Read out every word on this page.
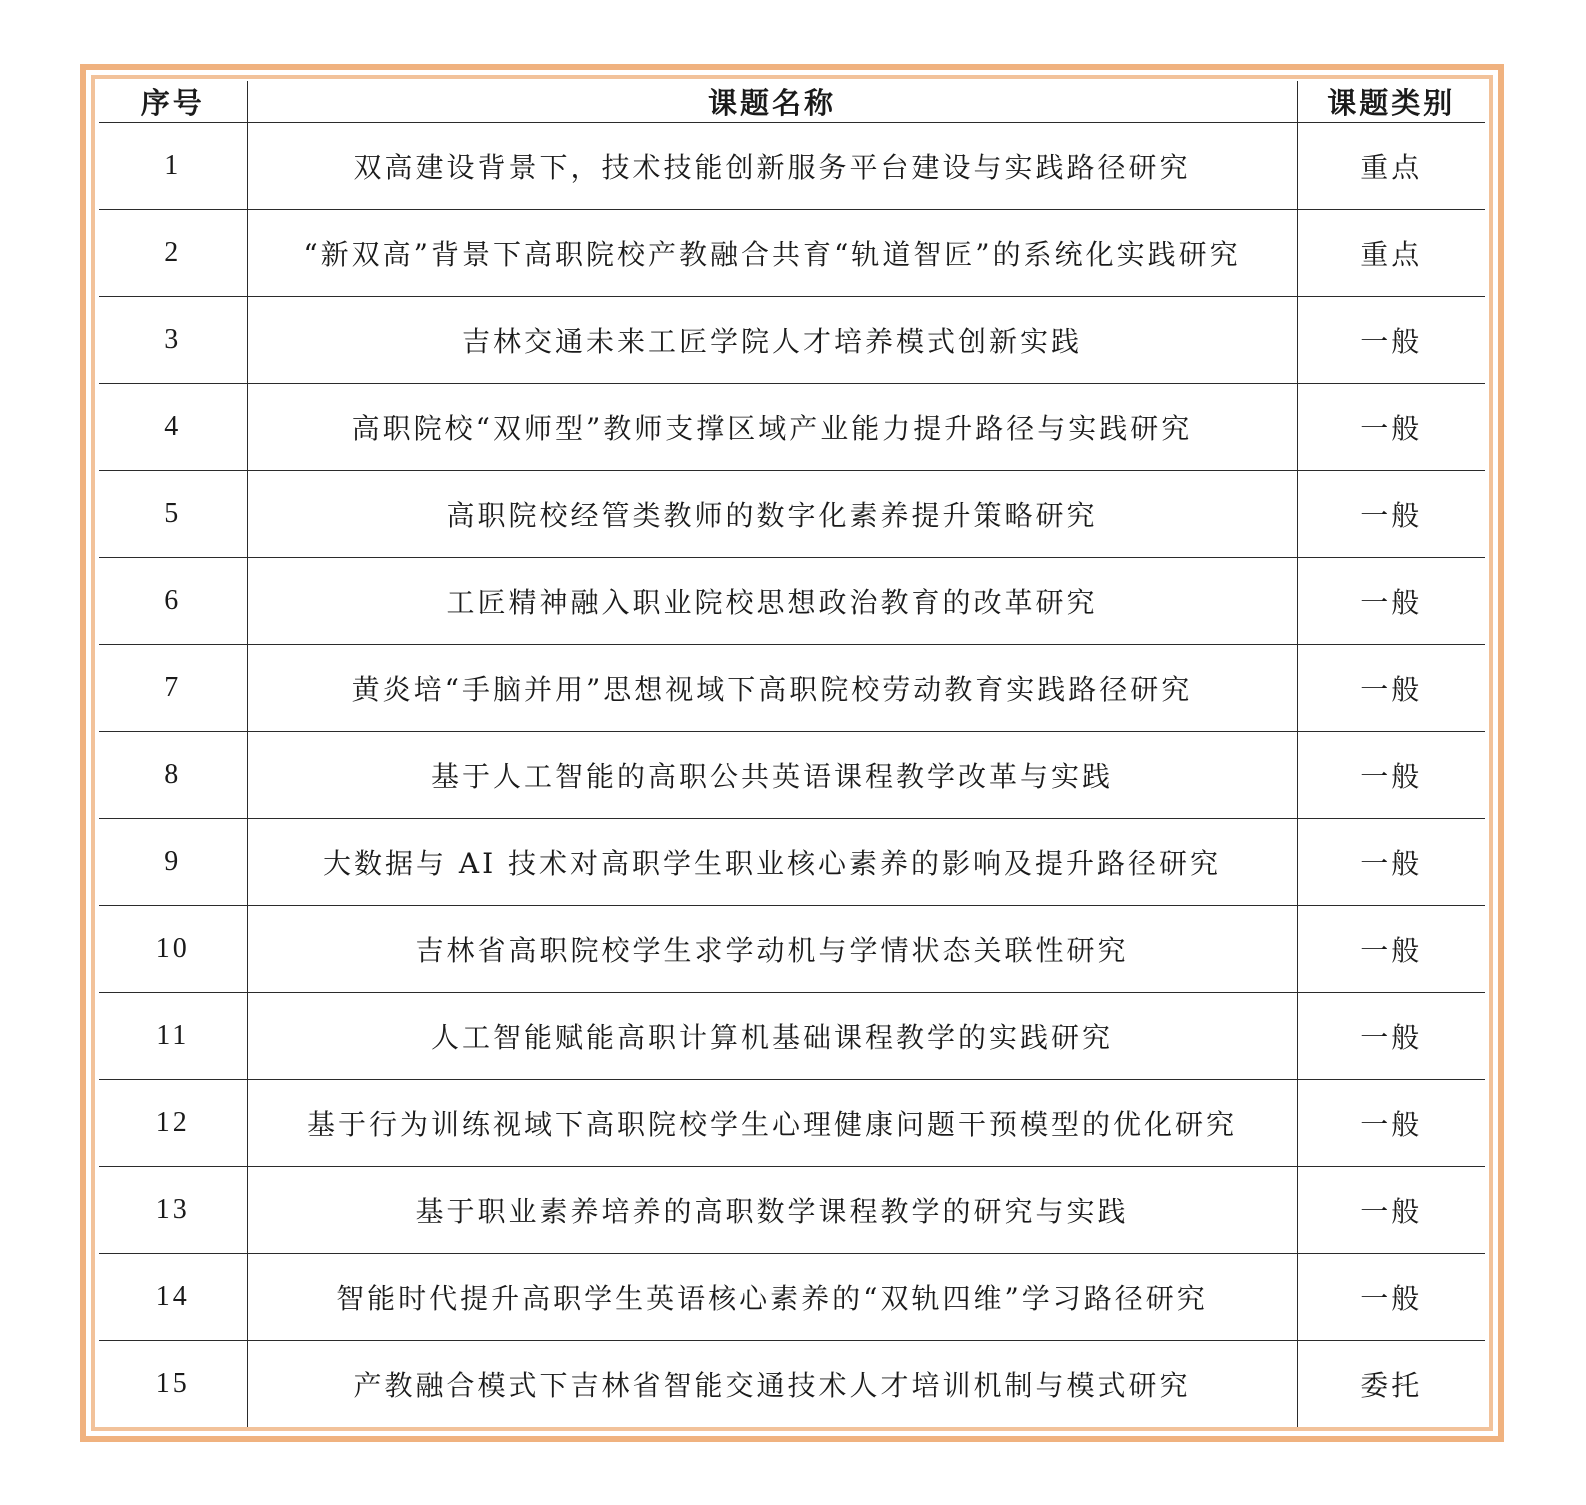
序号	课题名称	课题类别
1	双高建设背景下，技术技能创新服务平台建设与实践路径研究	重点
2	“新双高”背景下高职院校产教融合共育“轨道智匠”的系统化实践研究	重点
3	吉林交通未来工匠学院人才培养模式创新实践	一般
4	高职院校“双师型”教师支撑区域产业能力提升路径与实践研究	一般
5	高职院校经管类教师的数字化素养提升策略研究	一般
6	工匠精神融入职业院校思想政治教育的改革研究	一般
7	黄炎培“手脑并用”思想视域下高职院校劳动教育实践路径研究	一般
8	基于人工智能的高职公共英语课程教学改革与实践	一般
9	大数据与 AI 技术对高职学生职业核心素养的影响及提升路径研究	一般
10	吉林省高职院校学生求学动机与学情状态关联性研究	一般
11	人工智能赋能高职计算机基础课程教学的实践研究	一般
12	基于行为训练视域下高职院校学生心理健康问题干预模型的优化研究	一般
13	基于职业素养培养的高职数学课程教学的研究与实践	一般
14	智能时代提升高职学生英语核心素养的“双轨四维”学习路径研究	一般
15	产教融合模式下吉林省智能交通技术人才培训机制与模式研究	委托
